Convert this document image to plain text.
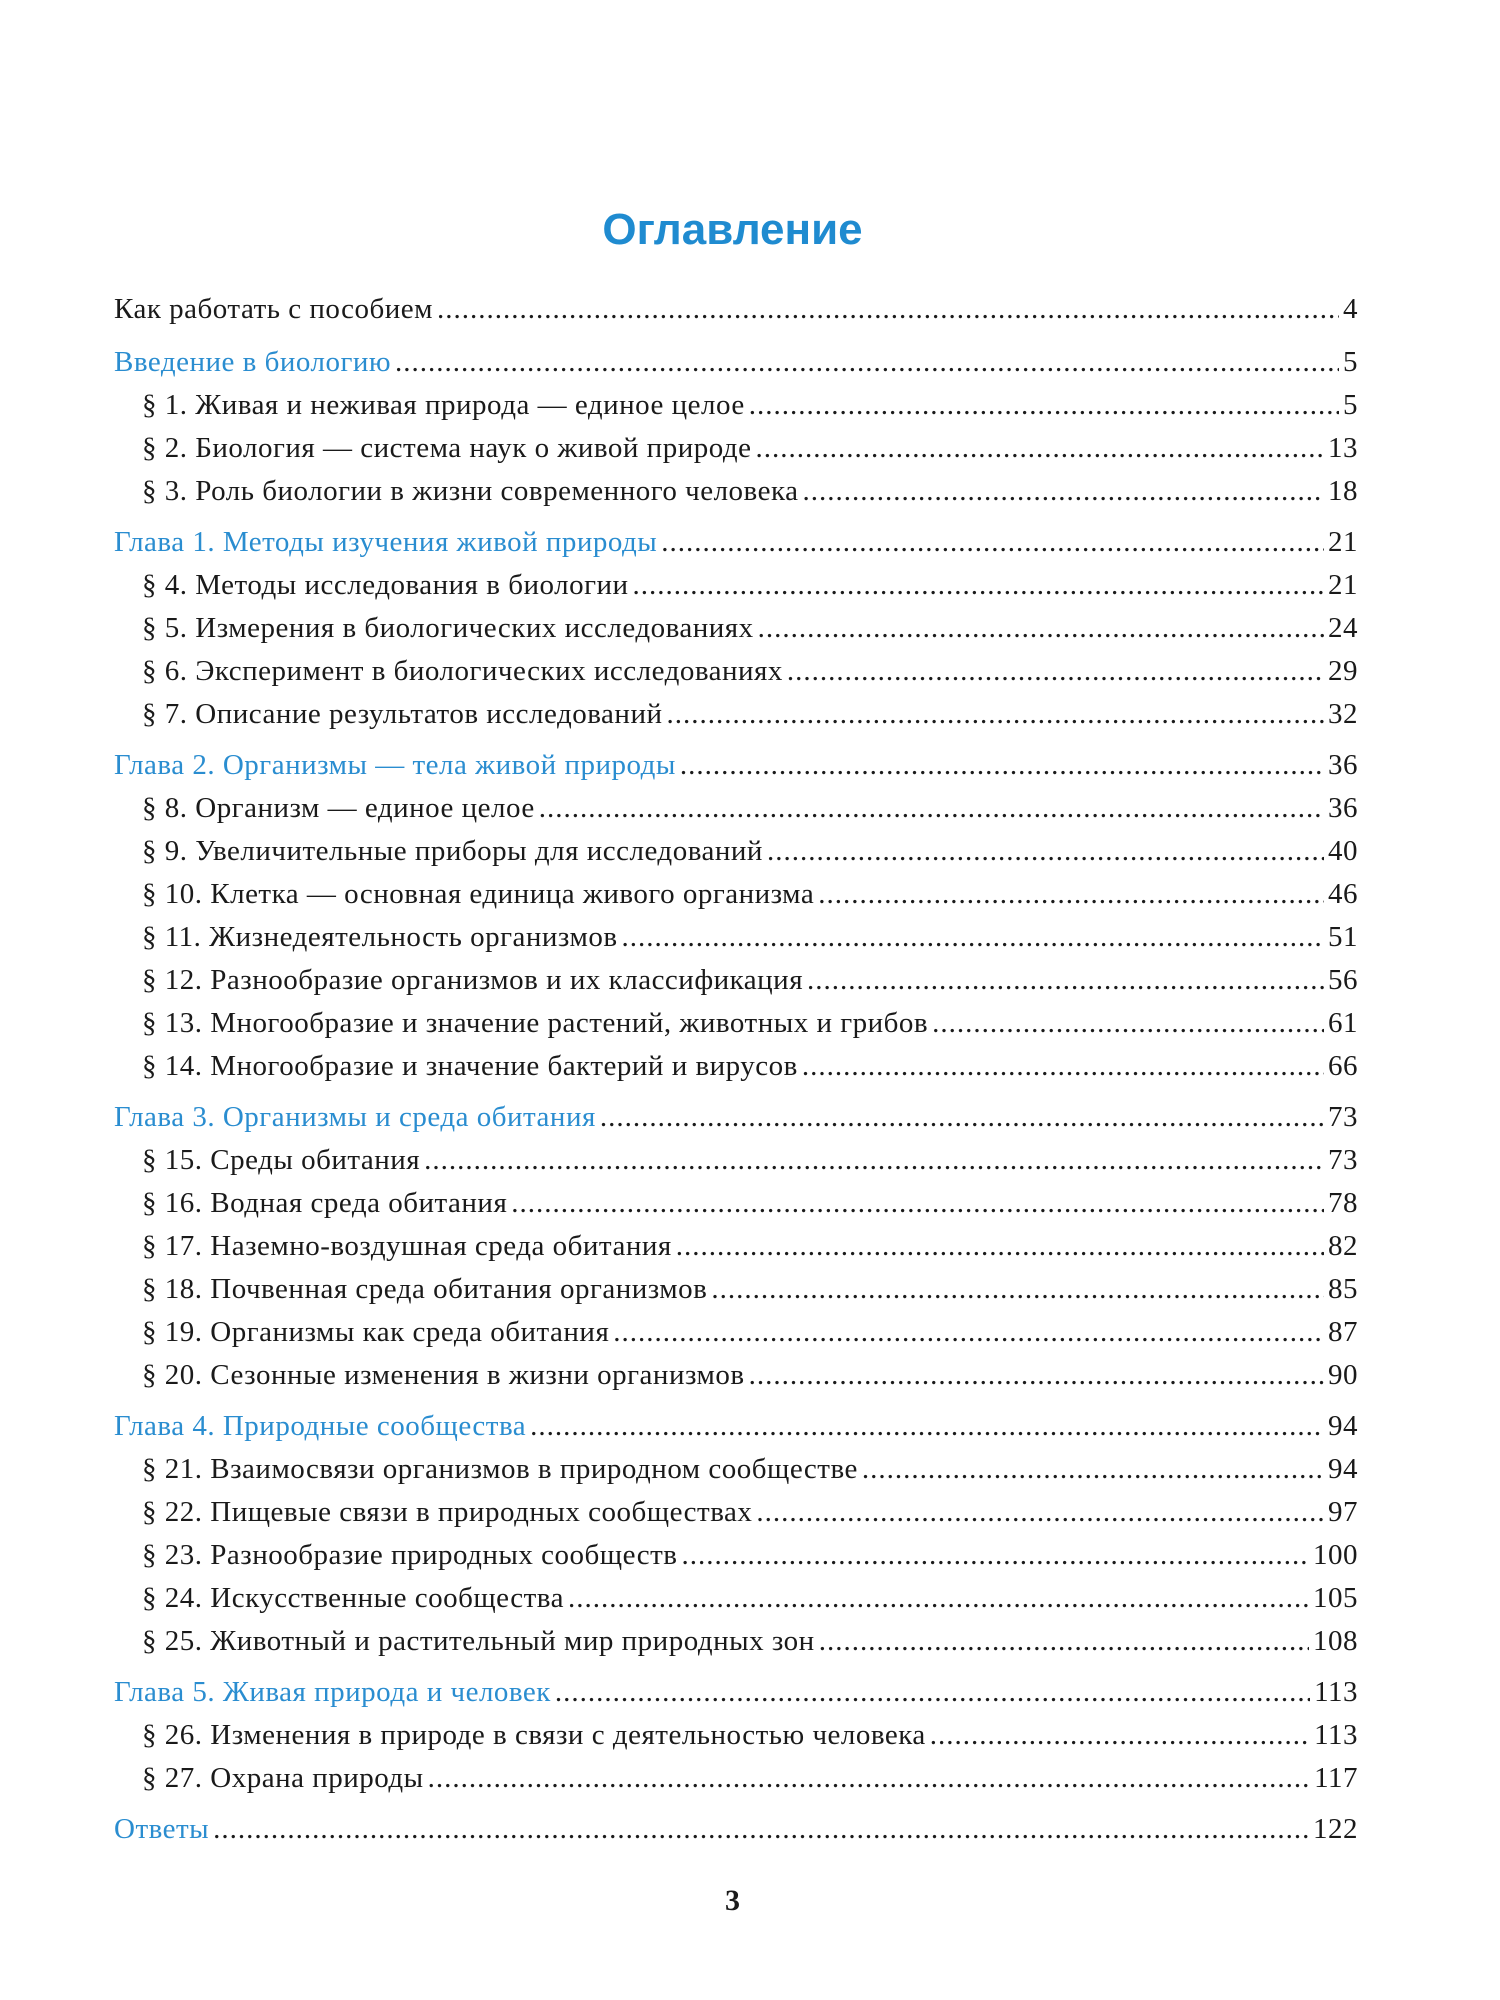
Оглавление
Как работать с пособием .....	4
Введение в биологию .....	5
§ 1. Живая и неживая природа — единое целое .....	5
§ 2. Биология — система наук о живой природе .....	13
§ 3. Роль биологии в жизни современного человека .....	18
Глава 1. Методы изучения живой природы .....	21
§ 4. Методы исследования в биологии .....	21
§ 5. Измерения в биологических исследованиях .....	24
§ 6. Эксперимент в биологических исследованиях .....	29
§ 7. Описание результатов исследований .....	32
Глава 2. Организмы — тела живой природы .....	36
§ 8. Организм — единое целое .....	36
§ 9. Увеличительные приборы для исследований .....	40
§ 10. Клетка — основная единица живого организма .....	46
§ 11. Жизнедеятельность организмов .....	51
§ 12. Разнообразие организмов и их классификация .....	56
§ 13. Многообразие и значение растений, животных и грибов .....	61
§ 14. Многообразие и значение бактерий и вирусов .....	66
Глава 3. Организмы и среда обитания .....	73
§ 15. Среды обитания .....	73
§ 16. Водная среда обитания .....	78
§ 17. Наземно-воздушная среда обитания .....	82
§ 18. Почвенная среда обитания организмов .....	85
§ 19. Организмы как среда обитания .....	87
§ 20. Сезонные изменения в жизни организмов .....	90
Глава 4. Природные сообщества .....	94
§ 21. Взаимосвязи организмов в природном сообществе .....	94
§ 22. Пищевые связи в природных сообществах .....	97
§ 23. Разнообразие природных сообществ .....	100
§ 24. Искусственные сообщества .....	105
§ 25. Животный и растительный мир природных зон .....	108
Глава 5. Живая природа и человек .....	113
§ 26. Изменения в природе в связи с деятельностью человека .....	113
§ 27. Охрана природы .....	117
Ответы .....	122
3
